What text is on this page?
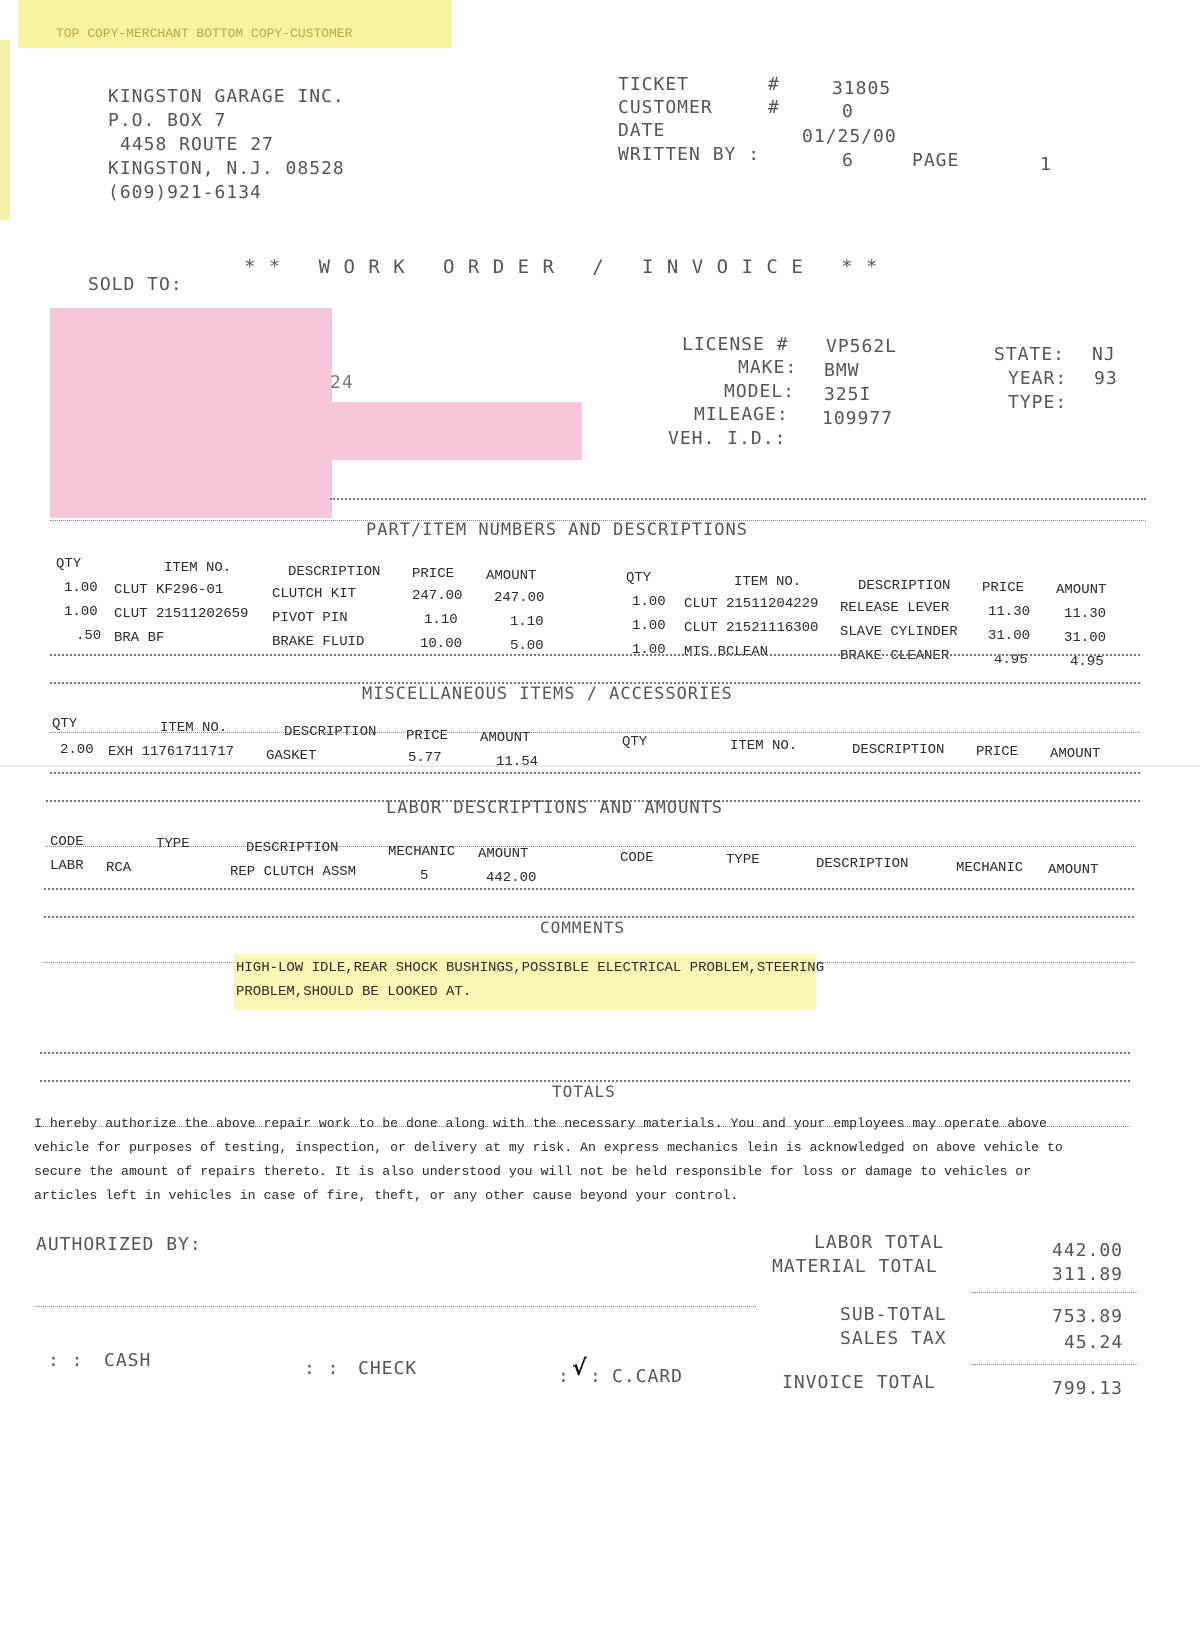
TOP COPY-MERCHANT BOTTOM COPY-CUSTOMER
KINGSTON GARAGE INC.
P.O. BOX 7
4458 ROUTE 27
KINGSTON, N.J. 08528
(609)921-6134
TICKET	#	31805
CUSTOMER	#	0
DATE	01/25/00
WRITTEN BY :	6	PAGE	1
* *   W O R K   O R D E R   /   I N V O I C E   * *
SOLD TO:
24
LICENSE # VP562L
MAKE: BMW
MODEL: 325I
MILEAGE: 109977
VEH. I.D.:
STATE: NJ
YEAR: 93
TYPE:
PART/ITEM NUMBERS AND DESCRIPTIONS
QTY	ITEM NO.	DESCRIPTION PRICE AMOUNT
1.00 CLUT KF296-01	CLUTCH KIT	247.00 247.00
1.00 CLUT 21511202659 PIVOT PIN	1.10	1.10
.50 BRA BF	BRAKE FLUID	10.00	5.00
QTY	ITEM NO.	DESCRIPTION PRICE AMOUNT
1.00 CLUT 21511204229 RELEASE LEVER	11.30 11.30
1.00 CLUT 21521116300 SLAVE CYLINDER 31.00 31.00
1.00 MIS BCLEAN	BRAKE CLEANER	4.95	4.95
MISCELLANEOUS ITEMS / ACCESSORIES
QTY	ITEM NO.	DESCRIPTION PRICE AMOUNT
2.00 EXH 11761711717 GASKET	5.77	11.54
QTY	ITEM NO.	DESCRIPTION PRICE AMOUNT
LABOR DESCRIPTIONS AND AMOUNTS
CODE	TYPE	DESCRIPTION	MECHANIC AMOUNT
LABR RCA	REP CLUTCH ASSM	5	442.00
CODE	TYPE	DESCRIPTION	MECHANIC AMOUNT
COMMENTS
HIGH-LOW IDLE,REAR SHOCK BUSHINGS,POSSIBLE ELECTRICAL PROBLEM,STEERING
PROBLEM,SHOULD BE LOOKED AT.
TOTALS
I hereby authorize the above repair work to be done along with the necessary materials. You and your employees may operate above
vehicle for purposes of testing, inspection, or delivery at my risk. An express mechanics lein is acknowledged on above vehicle to
secure the amount of repairs thereto. It is also understood you will not be held responsible for loss or damage to vehicles or
articles left in vehicles in case of fire, theft, or any other cause beyond your control.
AUTHORIZED BY:	LABOR TOTAL	442.00
MATERIAL TOTAL	311.89
SUB-TOTAL	753.89
SALES TAX	45.24
INVOICE TOTAL	799.13
: : CASH	: : CHECK	: √ : C.CARD
